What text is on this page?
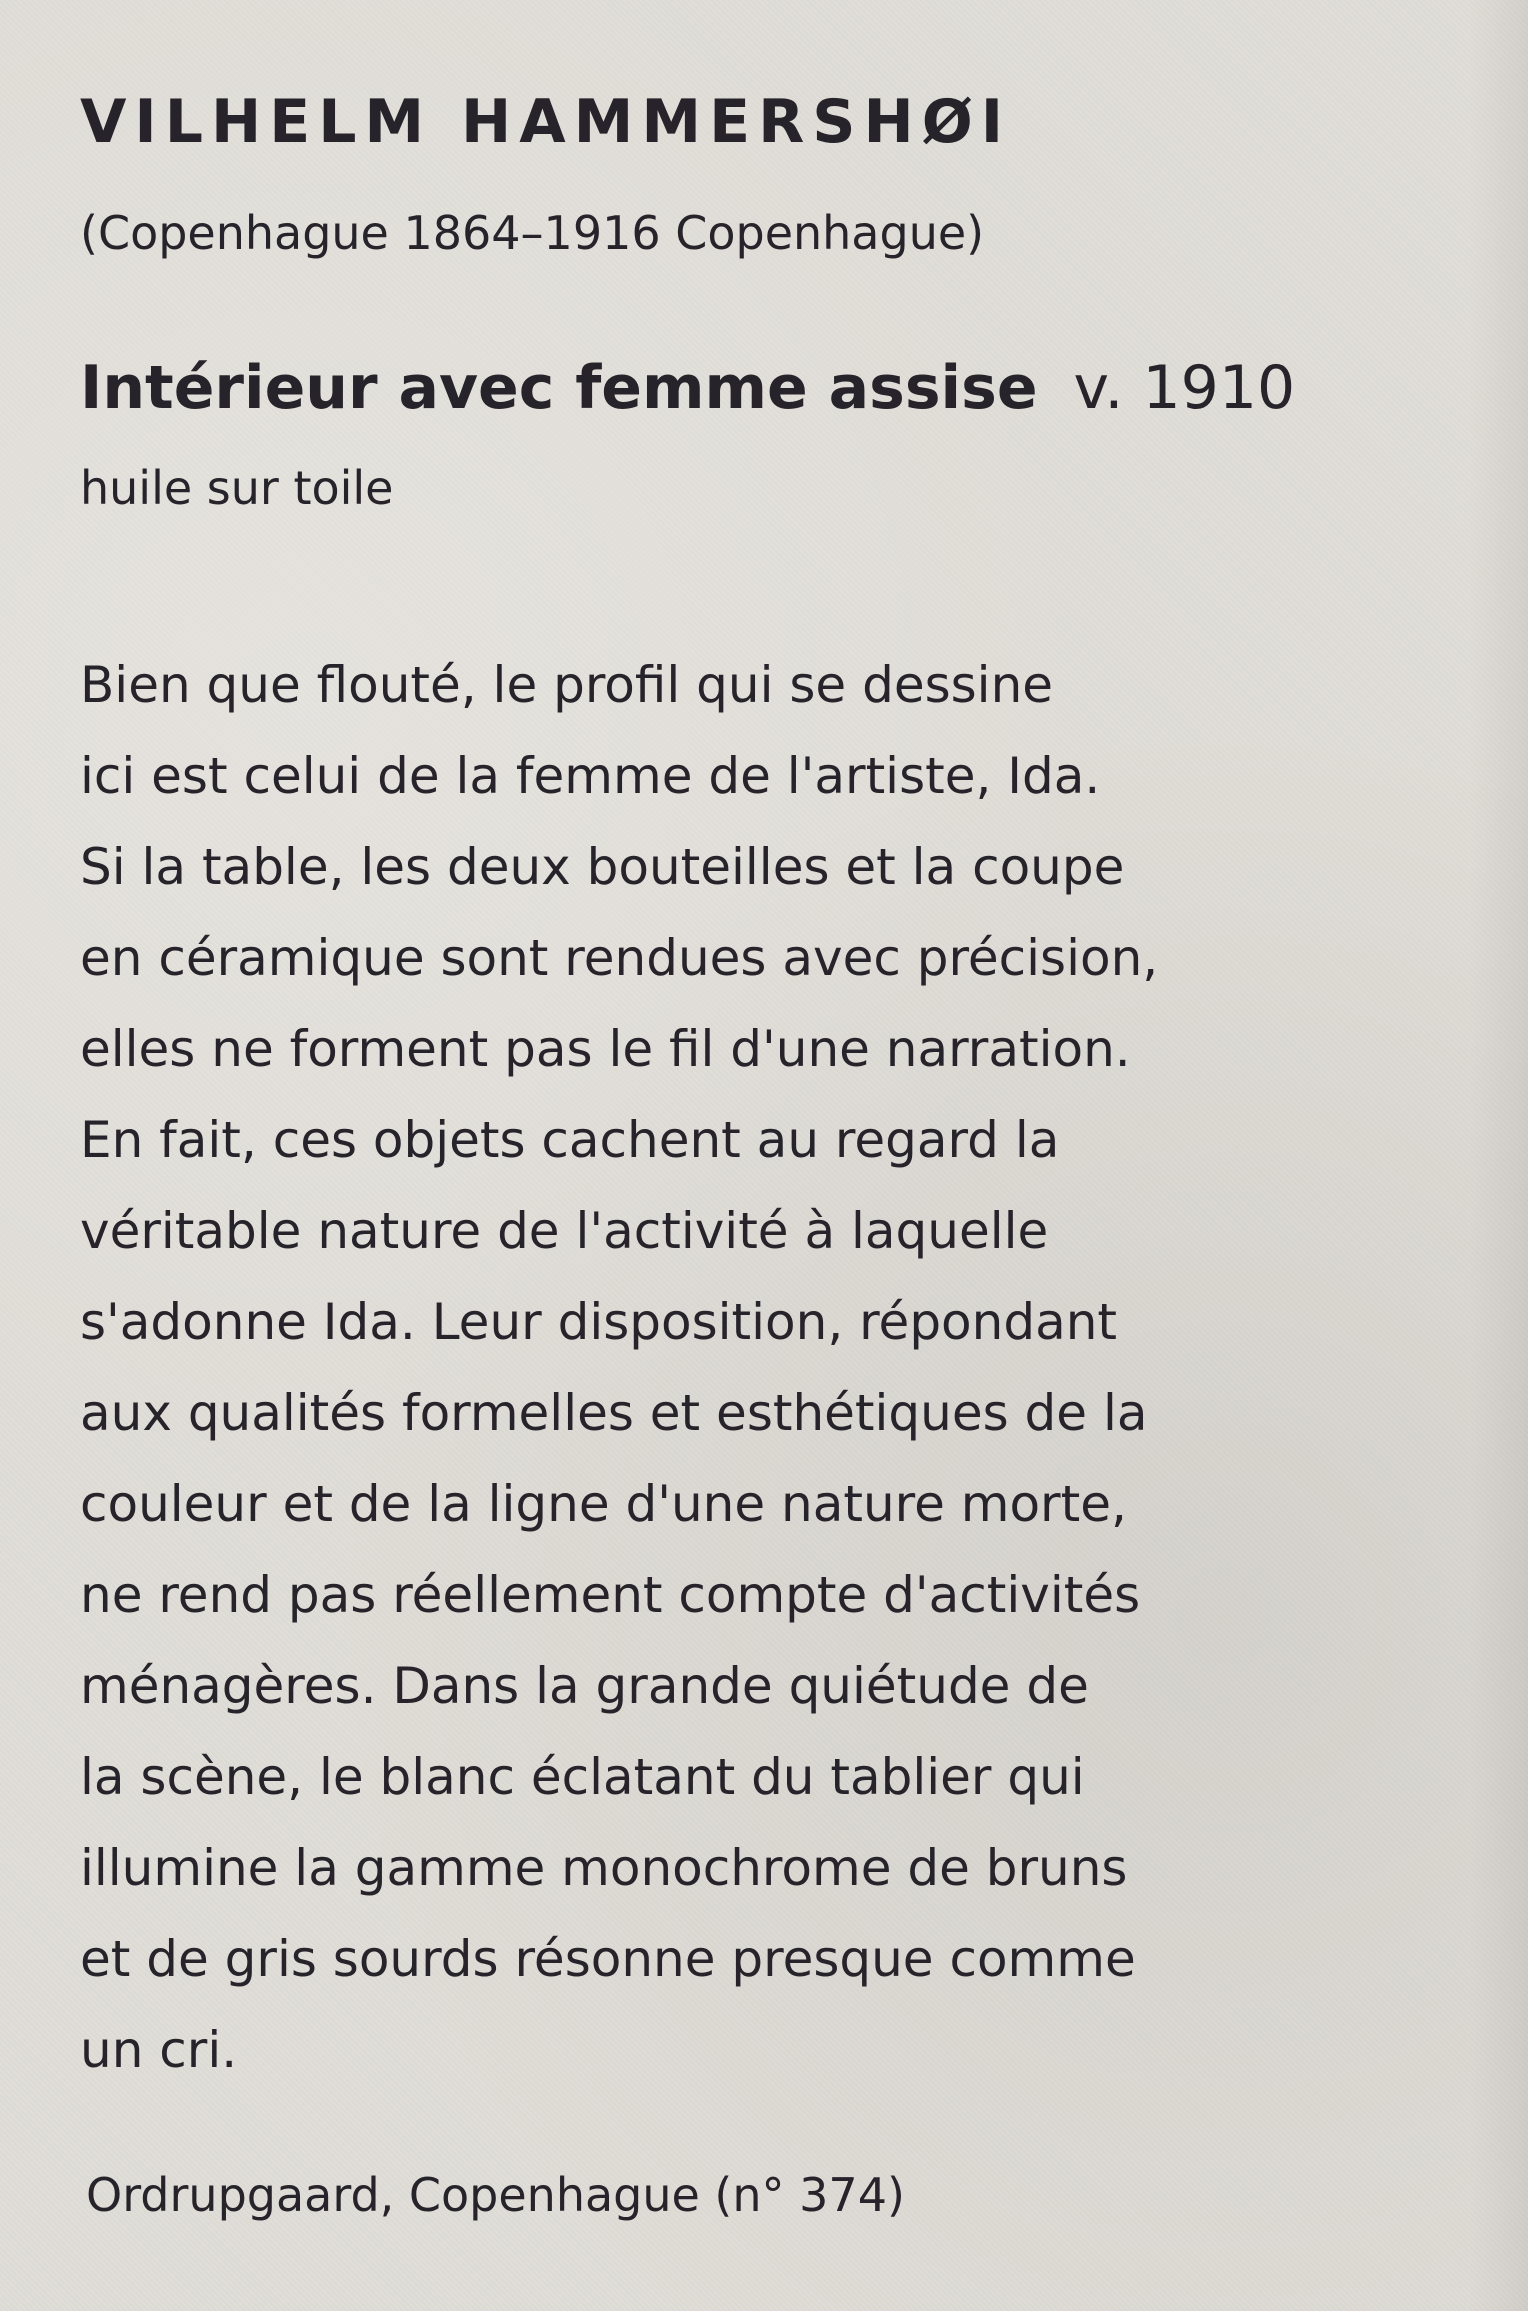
VILHELM HAMMERSHØI
(Copenhague 1864–1916 Copenhague)
Intérieur avec femme assise v. 1910
huile sur toile
Bien que flouté, le profil qui se dessine
ici est celui de la femme de l'artiste, Ida.
Si la table, les deux bouteilles et la coupe
en céramique sont rendues avec précision,
elles ne forment pas le fil d'une narration.
En fait, ces objets cachent au regard la
véritable nature de l'activité à laquelle
s'adonne Ida. Leur disposition, répondant
aux qualités formelles et esthétiques de la
couleur et de la ligne d'une nature morte,
ne rend pas réellement compte d'activités
ménagères. Dans la grande quiétude de
la scène, le blanc éclatant du tablier qui
illumine la gamme monochrome de bruns
et de gris sourds résonne presque comme
un cri.
Ordrupgaard, Copenhague (n° 374)
